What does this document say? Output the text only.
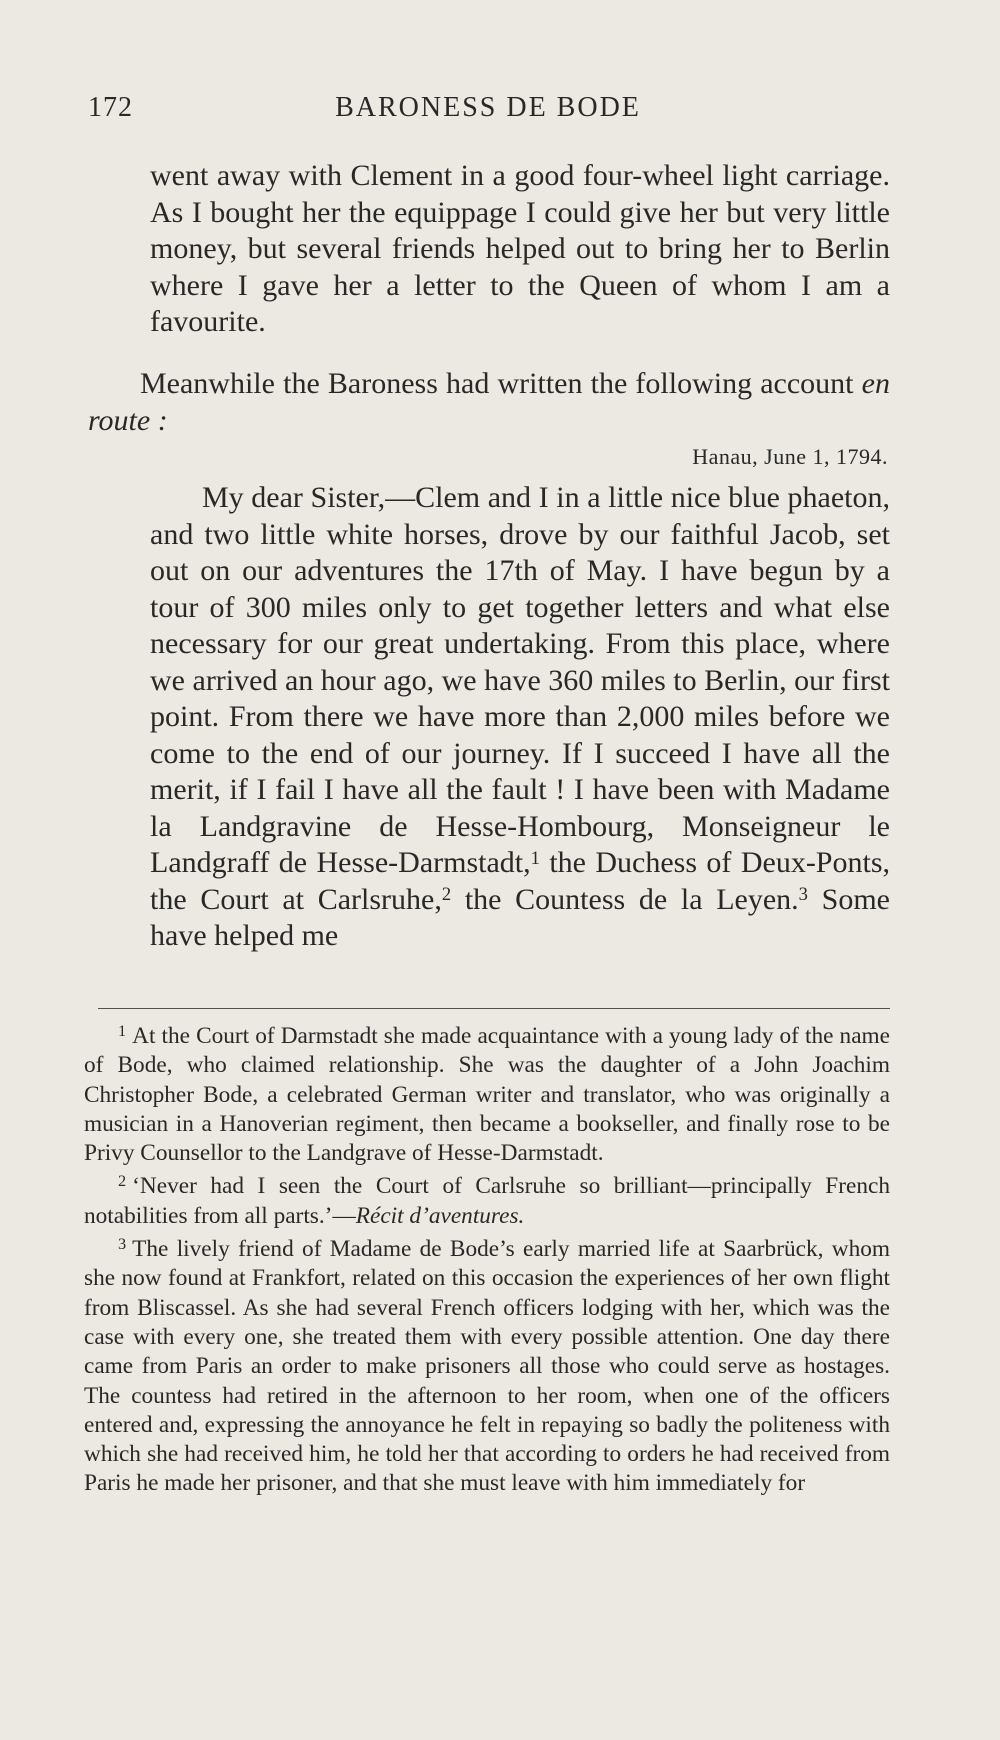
172	BARONESS DE BODE

went away with Clement in a good four-wheel light carriage. As I bought her the equippage I could give her but very little money, but several friends helped out to bring her to Berlin where I gave her a letter to the Queen of whom I am a favourite.

Meanwhile the Baroness had written the following account en route :

Hanau, June 1, 1794.

My dear Sister,—Clem and I in a little nice blue phaeton, and two little white horses, drove by our faithful Jacob, set out on our adventures the 17th of May. I have begun by a tour of 300 miles only to get together letters and what else necessary for our great undertaking. From this place, where we arrived an hour ago, we have 360 miles to Berlin, our first point. From there we have more than 2,000 miles before we come to the end of our journey. If I succeed I have all the merit, if I fail I have all the fault ! I have been with Madame la Landgravine de Hesse-Hombourg, Monseigneur le Landgraff de Hesse-Darmstadt,$^1$ the Duchess of Deux-Ponts, the Court at Carlsruhe,$^2$ the Countess de la Leyen.$^3$ Some have helped me

$^1$ At the Court of Darmstadt she made acquaintance with a young lady of the name of Bode, who claimed relationship. She was the daughter of a John Joachim Christopher Bode, a celebrated German writer and translator, who was originally a musician in a Hanoverian regiment, then became a bookseller, and finally rose to be Privy Counsellor to the Landgrave of Hesse-Darmstadt.

$^2$ ‘Never had I seen the Court of Carlsruhe so brilliant—principally French notabilities from all parts.’—Récit d’aventures.

$^3$ The lively friend of Madame de Bode’s early married life at Saarbrück, whom she now found at Frankfort, related on this occasion the experiences of her own flight from Bliscassel. As she had several French officers lodging with her, which was the case with every one, she treated them with every possible attention. One day there came from Paris an order to make prisoners all those who could serve as hostages. The countess had retired in the afternoon to her room, when one of the officers entered and, expressing the annoyance he felt in repaying so badly the politeness with which she had received him, he told her that according to orders he had received from Paris he made her prisoner, and that she must leave with him immediately for
